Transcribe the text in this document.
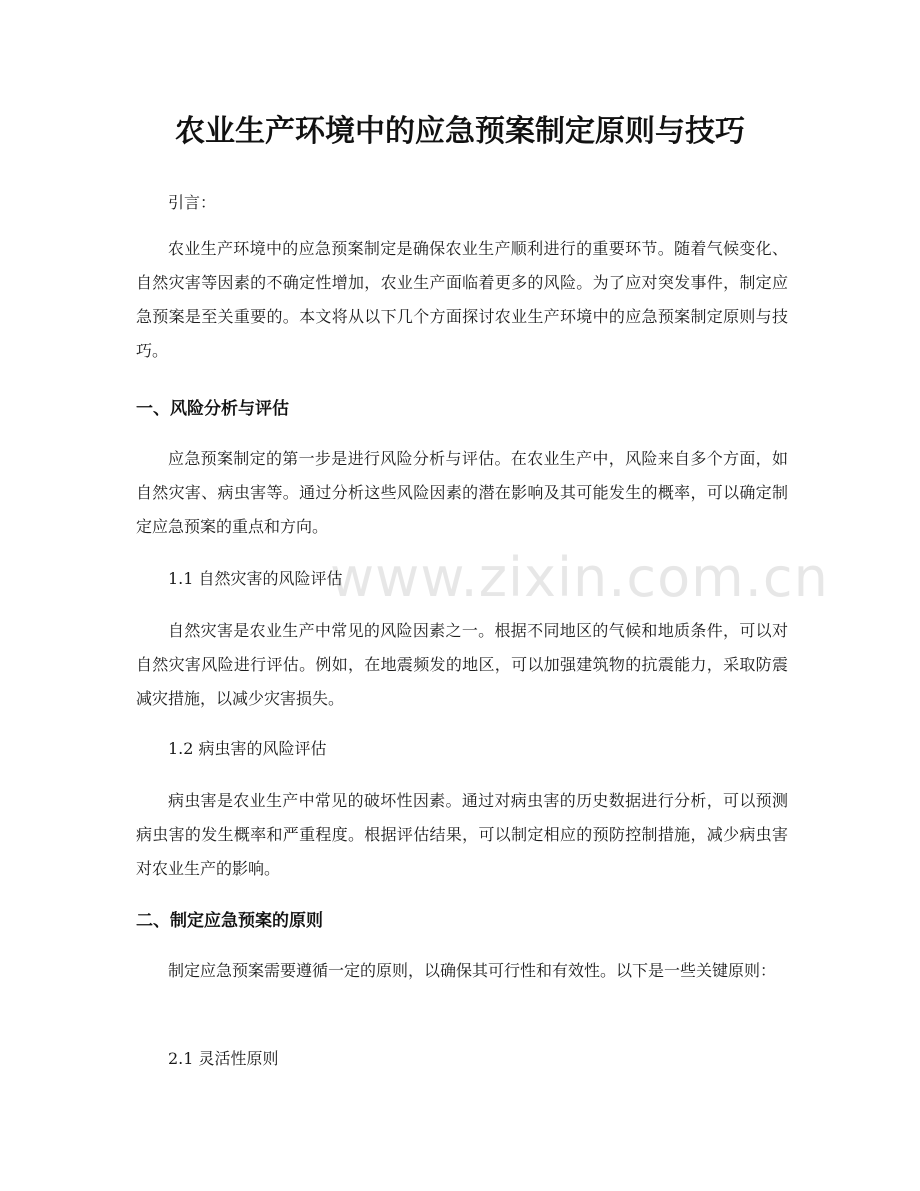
农业生产环境中的应急预案制定原则与技巧

引言：

农业生产环境中的应急预案制定是确保农业生产顺利进行的重要环节。随着气候变化、自然灾害等因素的不确定性增加，农业生产面临着更多的风险。为了应对突发事件，制定应急预案是至关重要的。本文将从以下几个方面探讨农业生产环境中的应急预案制定原则与技巧。

一、风险分析与评估

应急预案制定的第一步是进行风险分析与评估。在农业生产中，风险来自多个方面，如自然灾害、病虫害等。通过分析这些风险因素的潜在影响及其可能发生的概率，可以确定制定应急预案的重点和方向。

1.1 自然灾害的风险评估

自然灾害是农业生产中常见的风险因素之一。根据不同地区的气候和地质条件，可以对自然灾害风险进行评估。例如，在地震频发的地区，可以加强建筑物的抗震能力，采取防震减灾措施，以减少灾害损失。

1.2 病虫害的风险评估

病虫害是农业生产中常见的破坏性因素。通过对病虫害的历史数据进行分析，可以预测病虫害的发生概率和严重程度。根据评估结果，可以制定相应的预防控制措施，减少病虫害对农业生产的影响。

二、制定应急预案的原则

制定应急预案需要遵循一定的原则，以确保其可行性和有效性。以下是一些关键原则：

2.1 灵活性原则

www.zixin.com.cn
